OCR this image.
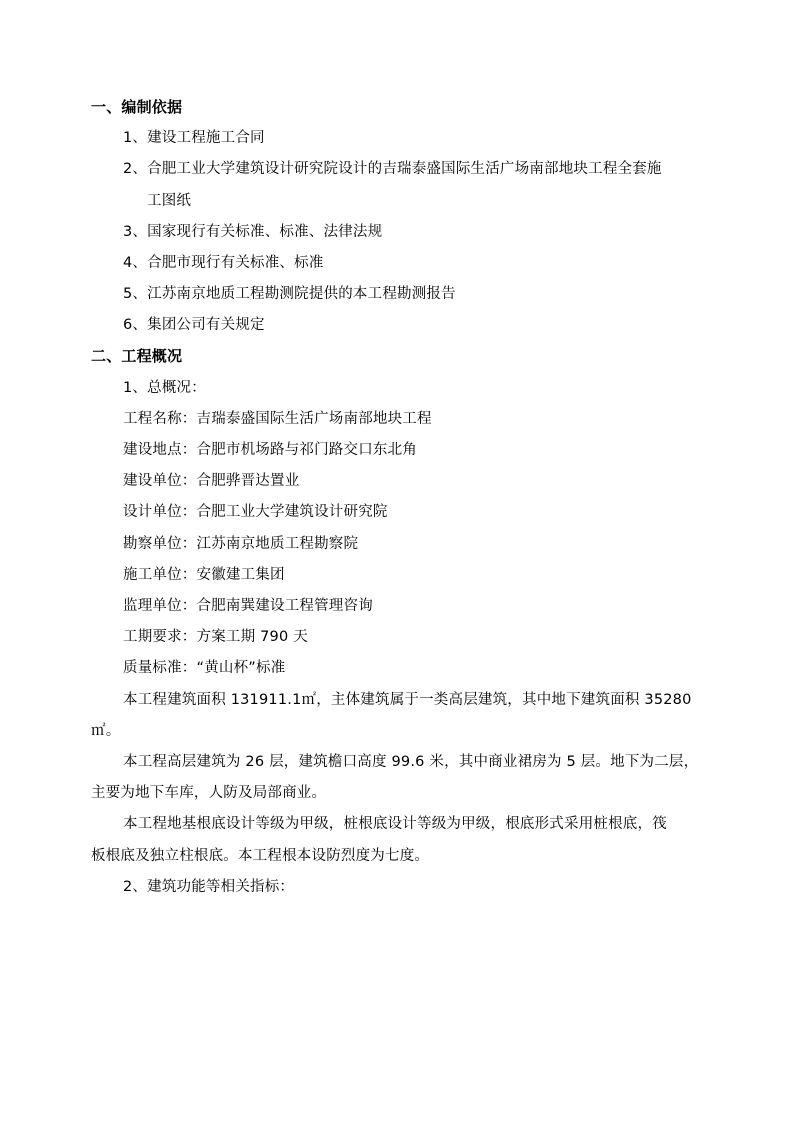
一、编制依据
1、建设工程施工合同
2、合肥工业大学建筑设计研究院设计的吉瑞泰盛国际生活广场南部地块工程全套施
工图纸
3、国家现行有关标准、标准、法律法规
4、合肥市现行有关标准、标准
5、江苏南京地质工程勘测院提供的本工程勘测报告
6、集团公司有关规定
二、工程概况
1、总概况：
工程名称：吉瑞泰盛国际生活广场南部地块工程
建设地点：合肥市机场路与祁门路交口东北角
建设单位：合肥骅晋达置业
设计单位：合肥工业大学建筑设计研究院
勘察单位：江苏南京地质工程勘察院
施工单位：安徽建工集团
监理单位：合肥南巽建设工程管理咨询
工期要求：方案工期 790 天
质量标准：“黄山杯”标准
本工程建筑面积 131911.1㎡，主体建筑属于一类高层建筑，其中地下建筑面积 35280
㎡。
本工程高层建筑为 26 层，建筑檐口高度 99.6 米，其中商业裙房为 5 层。地下为二层，
主要为地下车库，人防及局部商业。
本工程地基根底设计等级为甲级，桩根底设计等级为甲级，根底形式采用桩根底，筏
板根底及独立柱根底。本工程根本设防烈度为七度。
2、建筑功能等相关指标：
